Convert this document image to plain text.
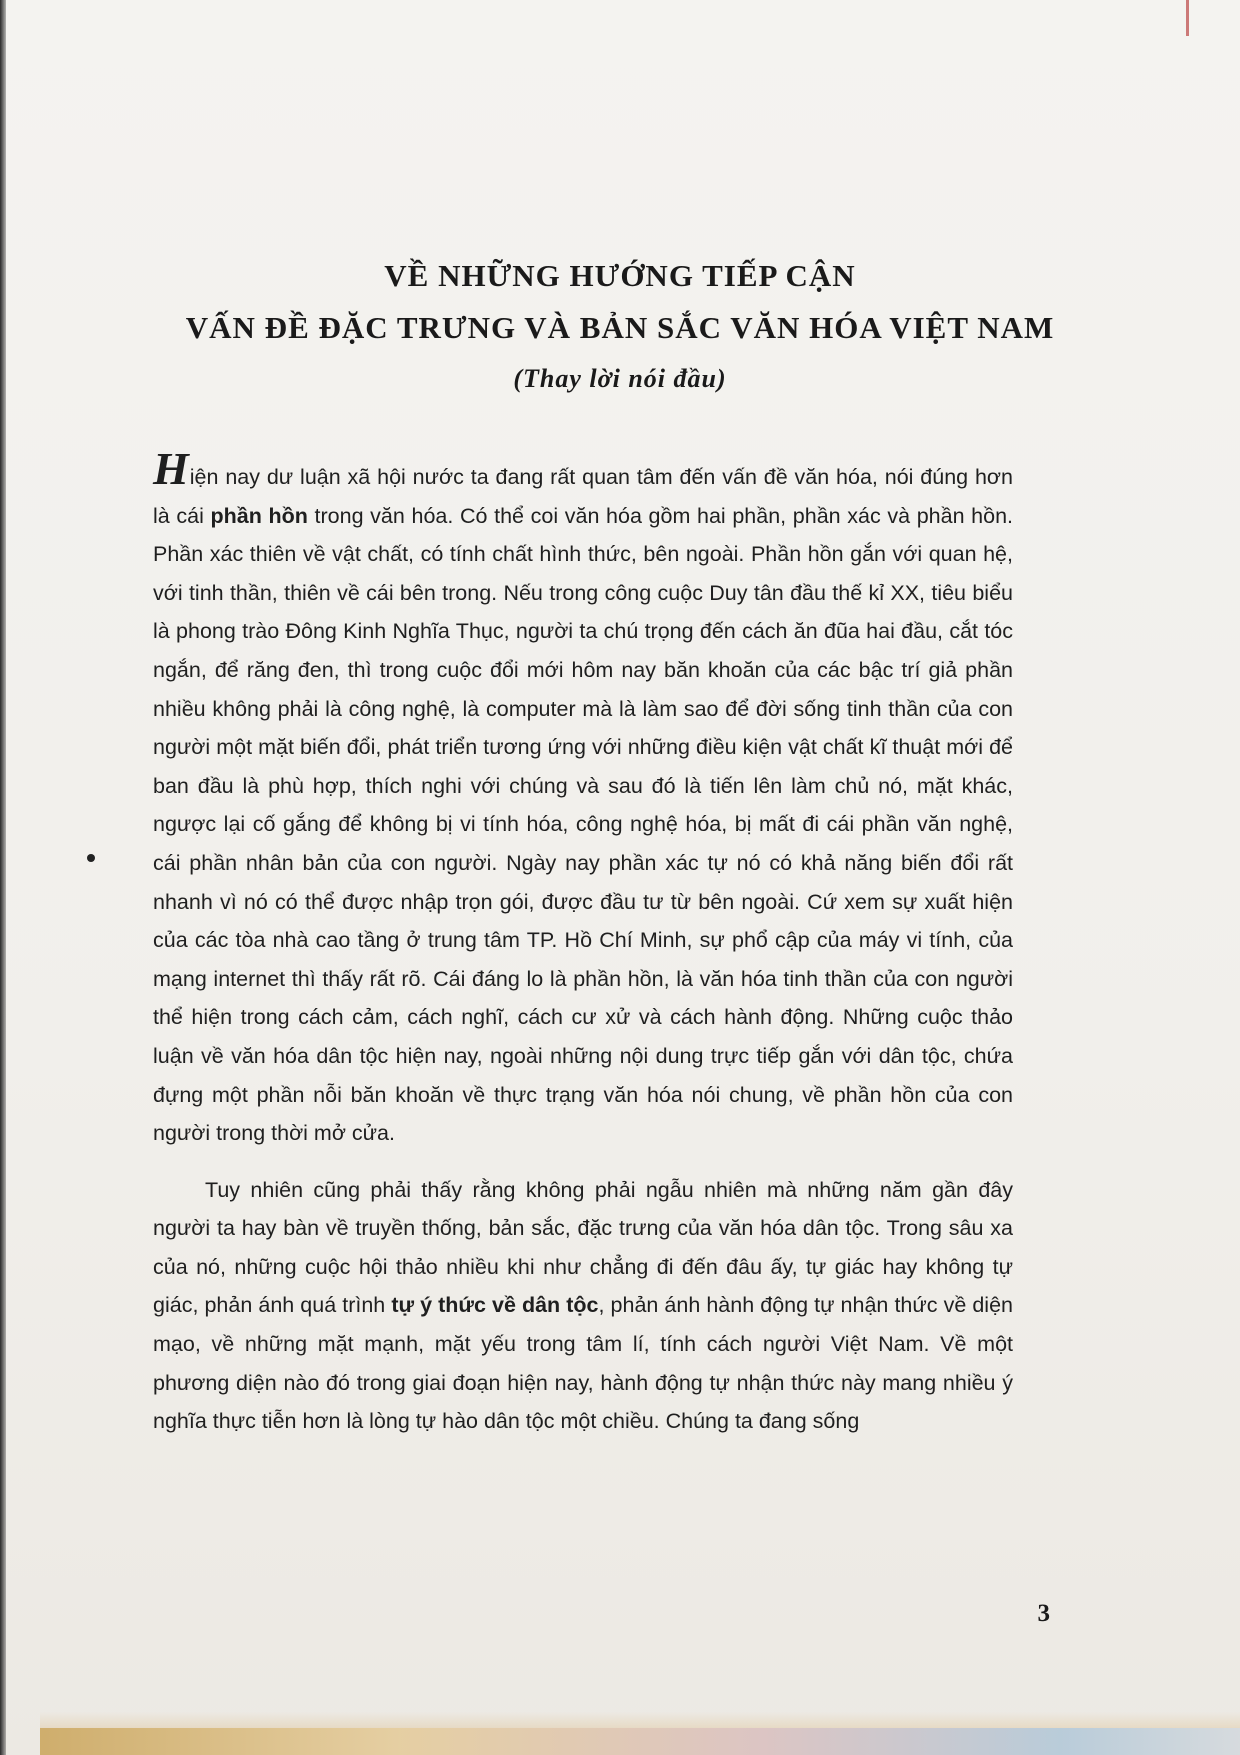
VỀ NHỮNG HƯỚNG TIẾP CẬN
VẤN ĐỀ ĐẶC TRƯNG VÀ BẢN SẮC VĂN HÓA VIỆT NAM
(Thay lời nói đầu)

Hiện nay dư luận xã hội nước ta đang rất quan tâm đến vấn đề văn hóa, nói đúng hơn là cái phần hồn trong văn hóa. Có thể coi văn hóa gồm hai phần, phần xác và phần hồn. Phần xác thiên về vật chất, có tính chất hình thức, bên ngoài. Phần hồn gắn với quan hệ, với tinh thần, thiên về cái bên trong. Nếu trong công cuộc Duy tân đầu thế kỉ XX, tiêu biểu là phong trào Đông Kinh Nghĩa Thục, người ta chú trọng đến cách ăn đũa hai đầu, cắt tóc ngắn, để răng đen, thì trong cuộc đổi mới hôm nay băn khoăn của các bậc trí giả phần nhiều không phải là công nghệ, là computer mà là làm sao để đời sống tinh thần của con người một mặt biến đổi, phát triển tương ứng với những điều kiện vật chất kĩ thuật mới để ban đầu là phù hợp, thích nghi với chúng và sau đó là tiến lên làm chủ nó, mặt khác, ngược lại cố gắng để không bị vi tính hóa, công nghệ hóa, bị mất đi cái phần văn nghệ, cái phần nhân bản của con người. Ngày nay phần xác tự nó có khả năng biến đổi rất nhanh vì nó có thể được nhập trọn gói, được đầu tư từ bên ngoài. Cứ xem sự xuất hiện của các tòa nhà cao tầng ở trung tâm TP. Hồ Chí Minh, sự phổ cập của máy vi tính, của mạng internet thì thấy rất rõ. Cái đáng lo là phần hồn, là văn hóa tinh thần của con người thể hiện trong cách cảm, cách nghĩ, cách cư xử và cách hành động. Những cuộc thảo luận về văn hóa dân tộc hiện nay, ngoài những nội dung trực tiếp gắn với dân tộc, chứa đựng một phần nỗi băn khoăn về thực trạng văn hóa nói chung, về phần hồn của con người trong thời mở cửa.

Tuy nhiên cũng phải thấy rằng không phải ngẫu nhiên mà những năm gần đây người ta hay bàn về truyền thống, bản sắc, đặc trưng của văn hóa dân tộc. Trong sâu xa của nó, những cuộc hội thảo nhiều khi như chẳng đi đến đâu ấy, tự giác hay không tự giác, phản ánh quá trình tự ý thức về dân tộc, phản ánh hành động tự nhận thức về diện mạo, về những mặt mạnh, mặt yếu trong tâm lí, tính cách người Việt Nam. Về một phương diện nào đó trong giai đoạn hiện nay, hành động tự nhận thức này mang nhiều ý nghĩa thực tiễn hơn là lòng tự hào dân tộc một chiều. Chúng ta đang sống

3
